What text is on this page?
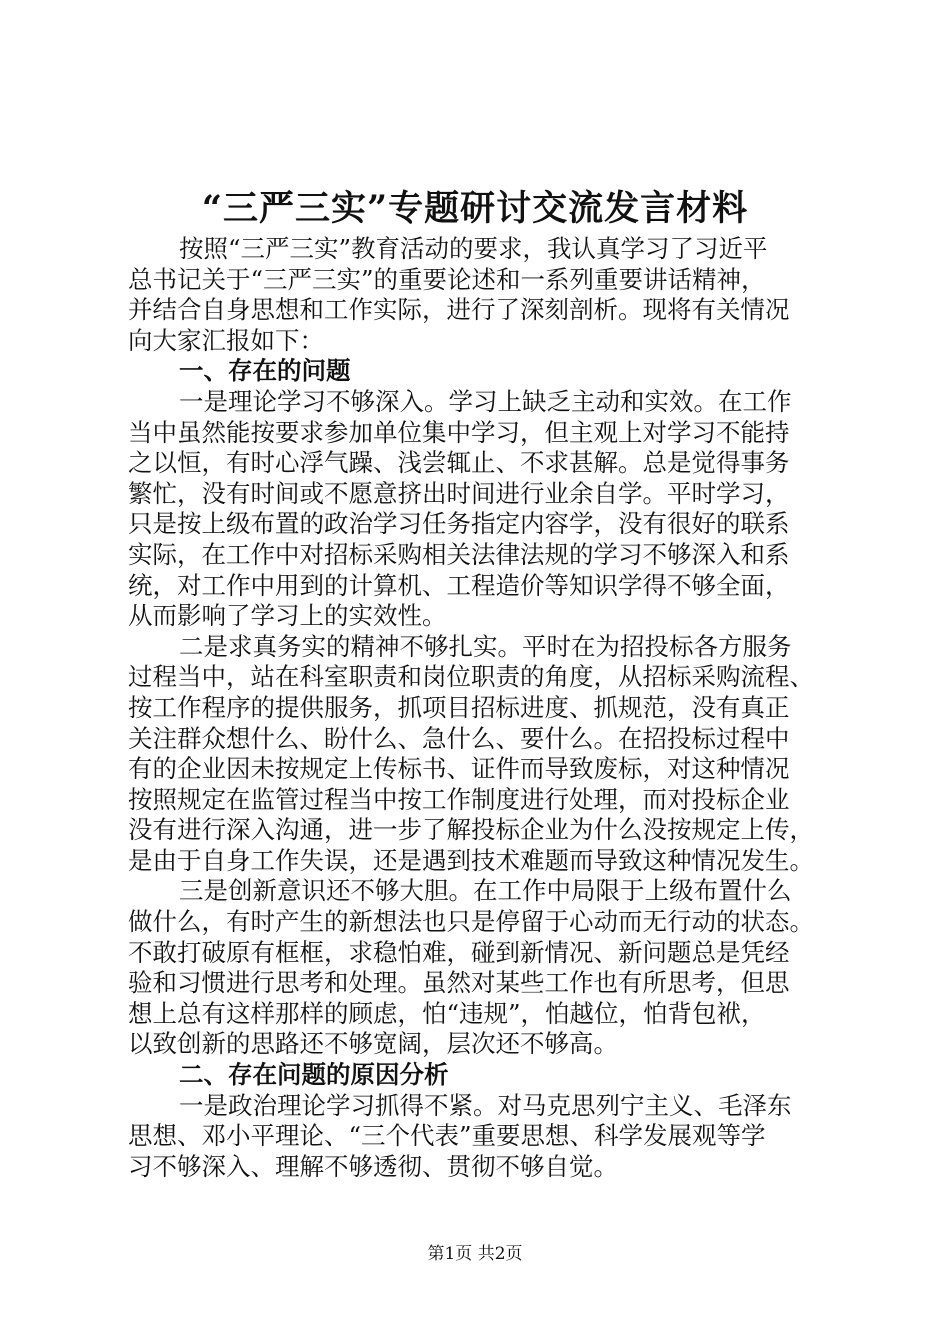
“三严三实”专题研讨交流发言材料
按照“三严三实”教育活动的要求，我认真学习了习近平
总书记关于“三严三实”的重要论述和一系列重要讲话精神，
并结合自身思想和工作实际，进行了深刻剖析。现将有关情况
向大家汇报如下：
一、存在的问题
一是理论学习不够深入。学习上缺乏主动和实效。在工作
当中虽然能按要求参加单位集中学习，但主观上对学习不能持
之以恒，有时心浮气躁、浅尝辄止、不求甚解。总是觉得事务
繁忙，没有时间或不愿意挤出时间进行业余自学。平时学习，
只是按上级布置的政治学习任务指定内容学，没有很好的联系
实际，在工作中对招标采购相关法律法规的学习不够深入和系
统，对工作中用到的计算机、工程造价等知识学得不够全面，
从而影响了学习上的实效性。
二是求真务实的精神不够扎实。平时在为招投标各方服务
过程当中，站在科室职责和岗位职责的角度，从招标采购流程、
按工作程序的提供服务，抓项目招标进度、抓规范，没有真正
关注群众想什么、盼什么、急什么、要什么。在招投标过程中
有的企业因未按规定上传标书、证件而导致废标，对这种情况
按照规定在监管过程当中按工作制度进行处理，而对投标企业
没有进行深入沟通，进一步了解投标企业为什么没按规定上传，
是由于自身工作失误，还是遇到技术难题而导致这种情况发生。
三是创新意识还不够大胆。在工作中局限于上级布置什么
做什么，有时产生的新想法也只是停留于心动而无行动的状态。
不敢打破原有框框，求稳怕难，碰到新情况、新问题总是凭经
验和习惯进行思考和处理。虽然对某些工作也有所思考，但思
想上总有这样那样的顾虑，怕“违规”，怕越位，怕背包袱，
以致创新的思路还不够宽阔，层次还不够高。
二、存在问题的原因分析
一是政治理论学习抓得不紧。对马克思列宁主义、毛泽东
思想、邓小平理论、“三个代表”重要思想、科学发展观等学
习不够深入、理解不够透彻、贯彻不够自觉。
第1页 共2页
